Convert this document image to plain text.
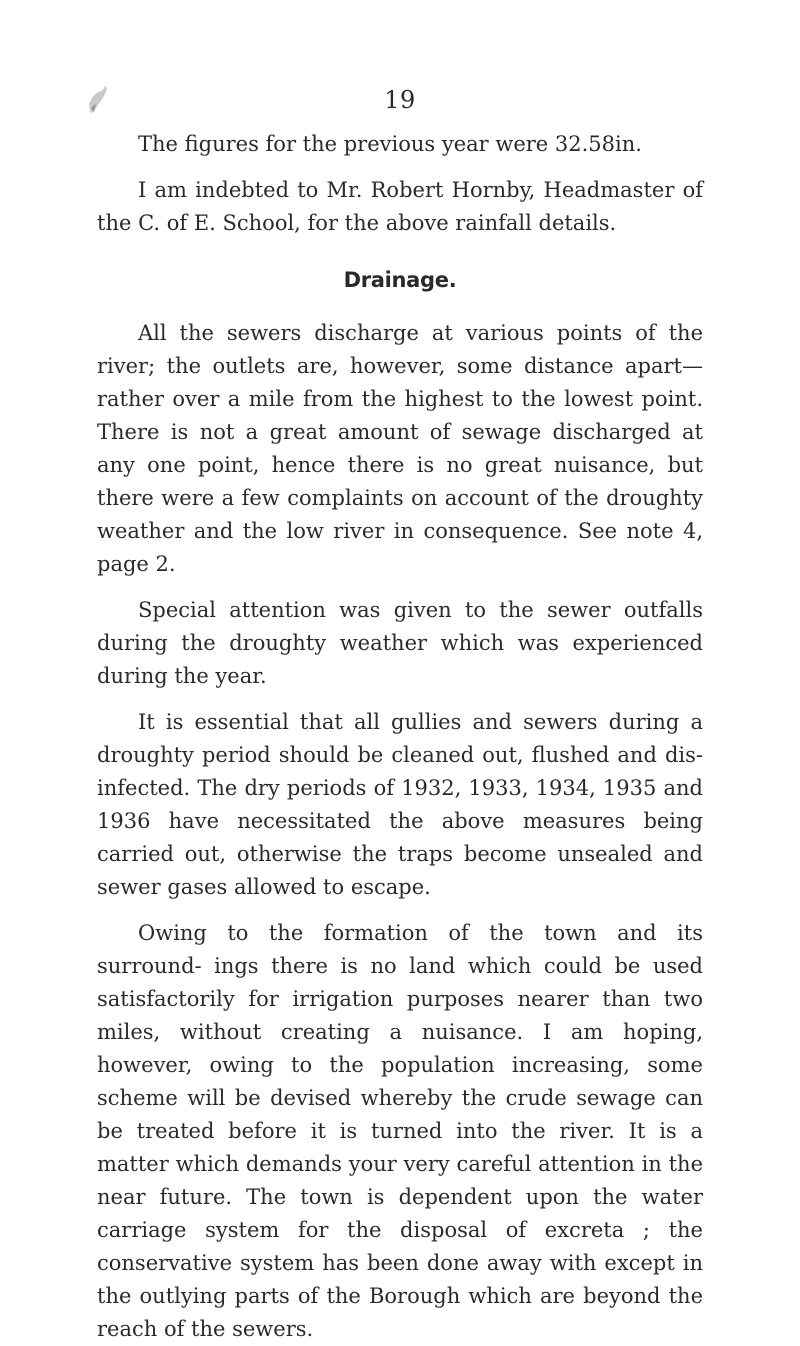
19

The figures for the previous year were 32.58in.

I am indebted to Mr. Robert Hornby, Headmaster of the C. of E. School, for the above rainfall details.

Drainage.

All the sewers discharge at various points of the river; the outlets are, however, some distance apart— rather over a mile from the highest to the lowest point. There is not a great amount of sewage discharged at any one point, hence there is no great nuisance, but there were a few complaints on account of the droughty weather and the low river in consequence. See note 4, page 2.

Special attention was given to the sewer outfalls during the droughty weather which was experienced during the year.

It is essential that all gullies and sewers during a droughty period should be cleaned out, flushed and dis- infected. The dry periods of 1932, 1933, 1934, 1935 and 1936 have necessitated the above measures being carried out, otherwise the traps become unsealed and sewer gases allowed to escape.

Owing to the formation of the town and its surround- ings there is no land which could be used satisfactorily for irrigation purposes nearer than two miles, without creating a nuisance. I am hoping, however, owing to the population increasing, some scheme will be devised whereby the crude sewage can be treated before it is turned into the river. It is a matter which demands your very careful attention in the near future. The town is dependent upon the water carriage system for the disposal of excreta ; the conservative system has been done away with except in the outlying parts of the Borough which are beyond the reach of the sewers.
